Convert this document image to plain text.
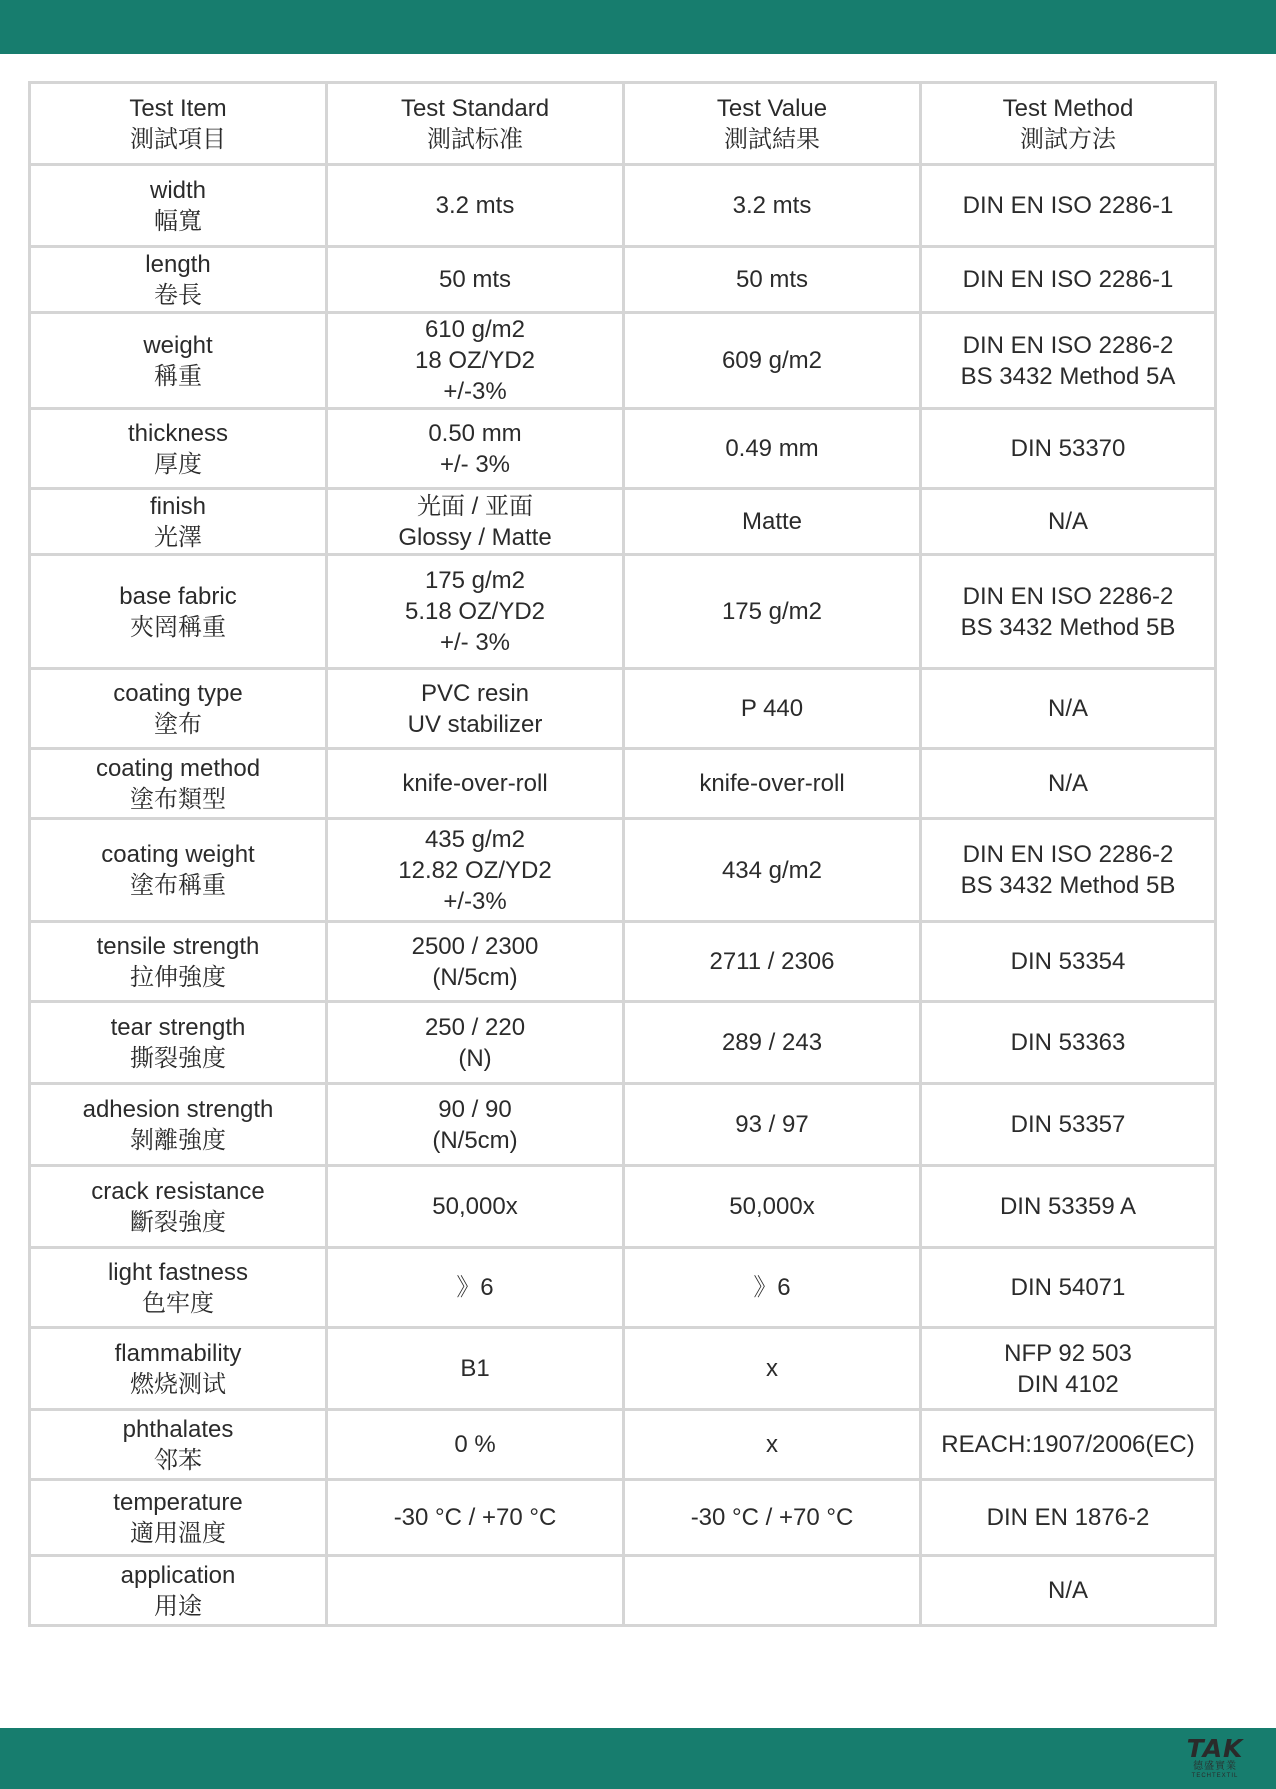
Test Item
測試項目	Test Standard
測試标准	Test Value
測試結果	Test Method
測試方法

width
幅寬	3.2 mts	3.2 mts	DIN EN ISO 2286-1

length
卷長	50 mts	50 mts	DIN EN ISO 2286-1

weight
稱重	610 g/m2
18 OZ/YD2
+/-3%	609 g/m2	DIN EN ISO 2286-2
BS 3432 Method 5A

thickness
厚度	0.50 mm
+/- 3%	0.49 mm	DIN 53370

finish
光澤	光面 / 亚面
Glossy / Matte	Matte	N/A

base fabric
夾罔稱重	175 g/m2
5.18 OZ/YD2
+/- 3%	175 g/m2	DIN EN ISO 2286-2
BS 3432 Method 5B

coating type
塗布	PVC resin
UV stabilizer	P 440	N/A

coating method
塗布類型	knife-over-roll	knife-over-roll	N/A

coating weight
塗布稱重	435 g/m2
12.82 OZ/YD2
+/-3%	434 g/m2	DIN EN ISO 2286-2
BS 3432 Method 5B

tensile strength
拉伸強度	2500 / 2300
(N/5cm)	2711 / 2306	DIN 53354

tear strength
撕裂強度	250 / 220
(N)	289 / 243	DIN 53363

adhesion strength
剝離強度	90 / 90
(N/5cm)	93 / 97	DIN 53357

crack resistance
斷裂強度	50,000x	50,000x	DIN 53359 A

light fastness
色牢度	》6	》6	DIN 54071

flammability
燃烧测试	B1	x	NFP 92 503
DIN 4102

phthalates
邻苯	0 %	x	REACH:1907/2006(EC)

temperature
適用溫度	-30 °C / +70 °C	-30 °C / +70 °C	DIN EN 1876-2

application
用途			N/A
TAK
德盛實業
TECHTEXTIL
